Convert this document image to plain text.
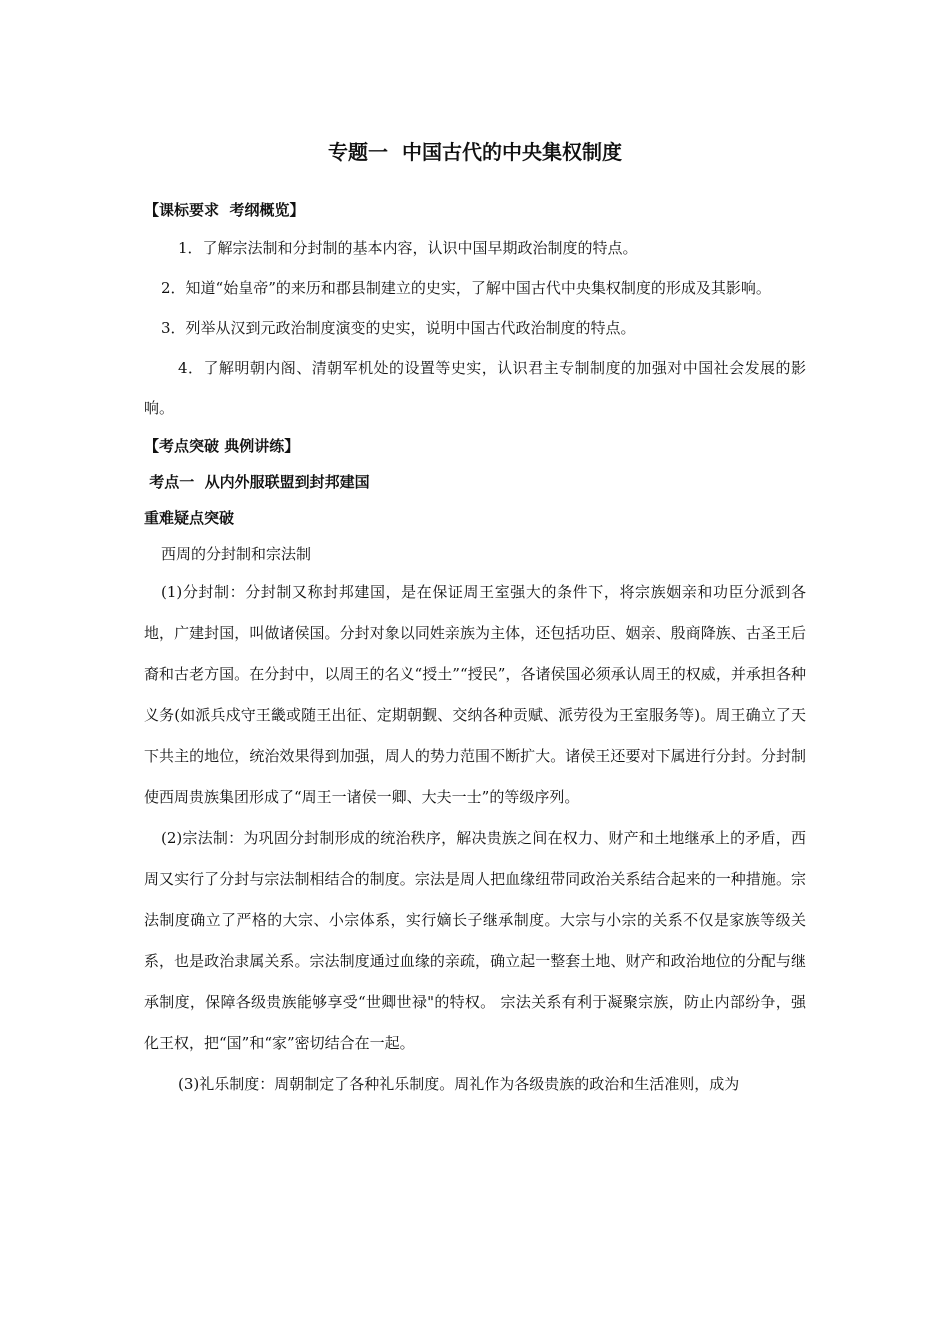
专题一  中国古代的中央集权制度

【课标要求  考纲概览】

1．了解宗法制和分封制的基本内容，认识中国早期政治制度的特点。

2．知道“始皇帝”的来历和郡县制建立的史实，了解中国古代中央集权制度的形成及其影响。

3．列举从汉到元政治制度演变的史实，说明中国古代政治制度的特点。

4．了解明朝内阁、清朝军机处的设置等史实，认识君主专制制度的加强对中国社会发展的影响。

【考点突破 典例讲练】

考点一  从内外服联盟到封邦建国

重难疑点突破

西周的分封制和宗法制

(1)分封制：分封制又称封邦建国，是在保证周王室强大的条件下，将宗族姻亲和功臣分派到各地，广建封国，叫做诸侯国。分封对象以同姓亲族为主体，还包括功臣、姻亲、殷商降族、古圣王后裔和古老方国。在分封中，以周王的名义“授土”“授民”，各诸侯国必须承认周王的权威，并承担各种义务(如派兵戍守王畿或随王出征、定期朝觐、交纳各种贡赋、派劳役为王室服务等)。周王确立了天下共主的地位，统治效果得到加强，周人的势力范围不断扩大。诸侯王还要对下属进行分封。分封制使西周贵族集团形成了“周王一诸侯一卿、大夫一士”的等级序列。

(2)宗法制：为巩固分封制形成的统治秩序，解决贵族之间在权力、财产和土地继承上的矛盾，西周又实行了分封与宗法制相结合的制度。宗法是周人把血缘纽带同政治关系结合起来的一种措施。宗法制度确立了严格的大宗、小宗体系，实行嫡长子继承制度。大宗与小宗的关系不仅是家族等级关系，也是政治隶属关系。宗法制度通过血缘的亲疏，确立起一整套土地、财产和政治地位的分配与继承制度，保障各级贵族能够享受“世卿世禄"的特权。 宗法关系有利于凝聚宗族，防止内部纷争，强化王权，把“国”和“家”密切结合在一起。

(3)礼乐制度：周朝制定了各种礼乐制度。周礼作为各级贵族的政治和生活准则，成为
